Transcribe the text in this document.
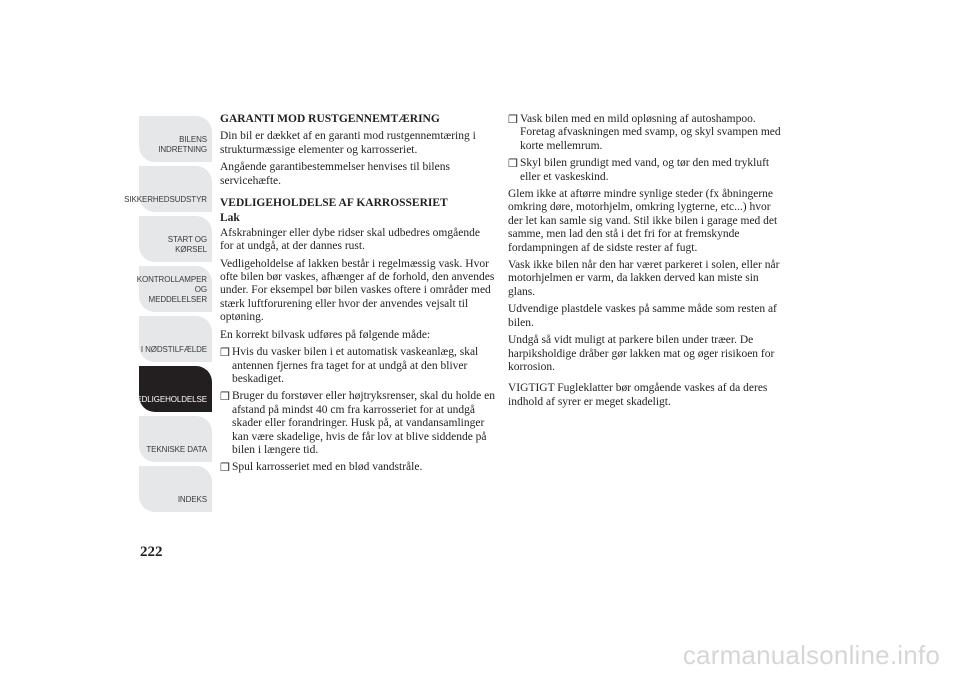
BILENS
INDRETNING
SIKKERHEDSUDSTYR
START OG KØRSEL
KONTROLLAMPER
OG MEDDELELSER
I NØDSTILFÆLDE
VEDLIGEHOLDELSE
TEKNISKE DATA
INDEKS
222
GARANTI MOD RUSTGENNEMTÆRING

Din bil er dækket af en garanti mod rustgennemtæring i strukturmæssige elementer og karrosseriet.

Angående garantibestemmelser henvises til bilens servicehæfte.

VEDLIGEHOLDELSE AF KARROSSERIET
Lak

Afskrabninger eller dybe ridser skal udbedres omgående for at undgå, at der dannes rust.

Vedligeholdelse af lakken består i regelmæssig vask. Hvor ofte bilen bør vaskes, afhænger af de forhold, den anvendes under. For eksempel bør bilen vaskes oftere i områder med stærk luftforurening eller hvor der anvendes vejsalt til optøning.

En korrekt bilvask udføres på følgende måde:

❒ Hvis du vasker bilen i et automatisk vaskeanlæg, skal antennen fjernes fra taget for at undgå at den bliver beskadiget.
❒ Bruger du forstøver eller højtryksrenser, skal du holde en afstand på mindst 40 cm fra karrosseriet for at undgå skader eller forandringer. Husk på, at vandansamlinger kan være skadelige, hvis de får lov at blive siddende på bilen i længere tid.
❒ Spul karrosseriet med en blød vandstråle.
❒ Vask bilen med en mild opløsning af autoshampoo. Foretag afvaskningen med svamp, og skyl svampen med korte mellemrum.
❒ Skyl bilen grundigt med vand, og tør den med trykluft eller et vaskeskind.

Glem ikke at aftørre mindre synlige steder (fx åbningerne omkring døre, motorhjelm, omkring lygterne, etc...) hvor der let kan samle sig vand. Stil ikke bilen i garage med det samme, men lad den stå i det fri for at fremskynde fordampningen af de sidste rester af fugt.

Vask ikke bilen når den har været parkeret i solen, eller når motorhjelmen er varm, da lakken derved kan miste sin glans.

Udvendige plastdele vaskes på samme måde som resten af bilen.

Undgå så vidt muligt at parkere bilen under træer. De harpiksholdige dråber gør lakken mat og øger risikoen for korrosion.

VIGTIGT Fugleklatter bør omgående vaskes af da deres indhold af syrer er meget skadeligt.

carmanualsonline.info
